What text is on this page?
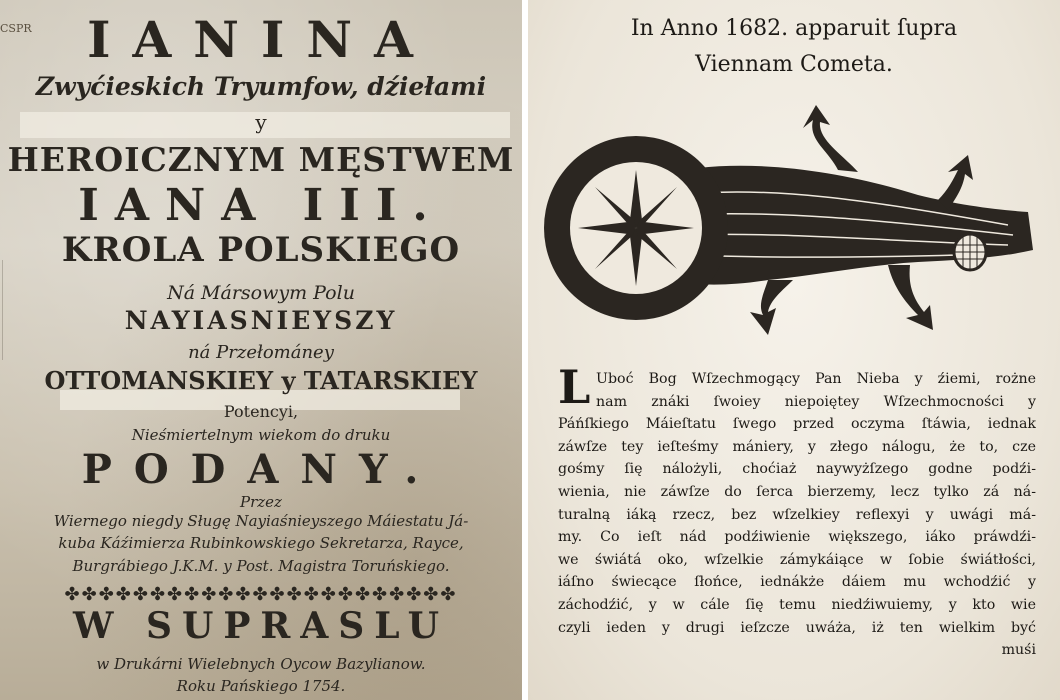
CSPR	IANINA
Zwyćieskich Tryumfow, dźiełami
y
HEROICZNYM MĘSTWEM
IANA III.
KROLA POLSKIEGO
Ná Mársowym Polu
NAYIASNIEYSZY
ná Przełománey
OTTOMANSKIEY y TATARSKIEY
Potencyi,
Nieśmiertelnym wiekom do druku
PODANY.
Przez
Wiernego niegdy Sługę Nayiaśnieyszego Máiestatu Já-
kuba Káźimierza Rubinkowskiego Sekretarza, Rayce,
Burgrábiego J.K.M. y Post. Magistra Toruńskiego.
✤✤✤✤✤✤✤✤✤✤✤✤✤✤✤✤✤✤✤✤✤✤✤
W SUPRASLU
w Drukárni Wielebnych Oycow Bazylianow.
Roku Pańskiego 1754.
In Anno 1682. apparuit ſupra
Viennam Cometa.
L Uboć Bog Wſzechmogący Pan Nieba y źiemi, rożne
nam znáki ſwoiey niepoiętey Wſzechmocności y
Páńſkiego Máieſtatu ſwego przed oczyma ſtáwia, iednak
záwſze tey ieſteśmy mániery, y złego nálogu, że to, cze
gośmy ſię nálożyli, choćiaż naywyżſzego godne podźi-
wienia, nie záwſze do ſerca bierzemy, lecz tylko zá ná-
turalną iáką rzecz, bez wſzelkiey reflexyi y uwági má-
my. Co ieſt nád podźiwienie większego, iáko práwdźi-
we świátá oko, wſzelkie zámykáiące w ſobie świátłości,
iáſno świecące ſłońce, iednákże dáiem mu wchodźić y
záchodźić, y w cále ſię temu niedźiwuiemy, y kto wie
czyli ieden y drugi ieſzcze uwáża, iż ten wielkim być
muśi
